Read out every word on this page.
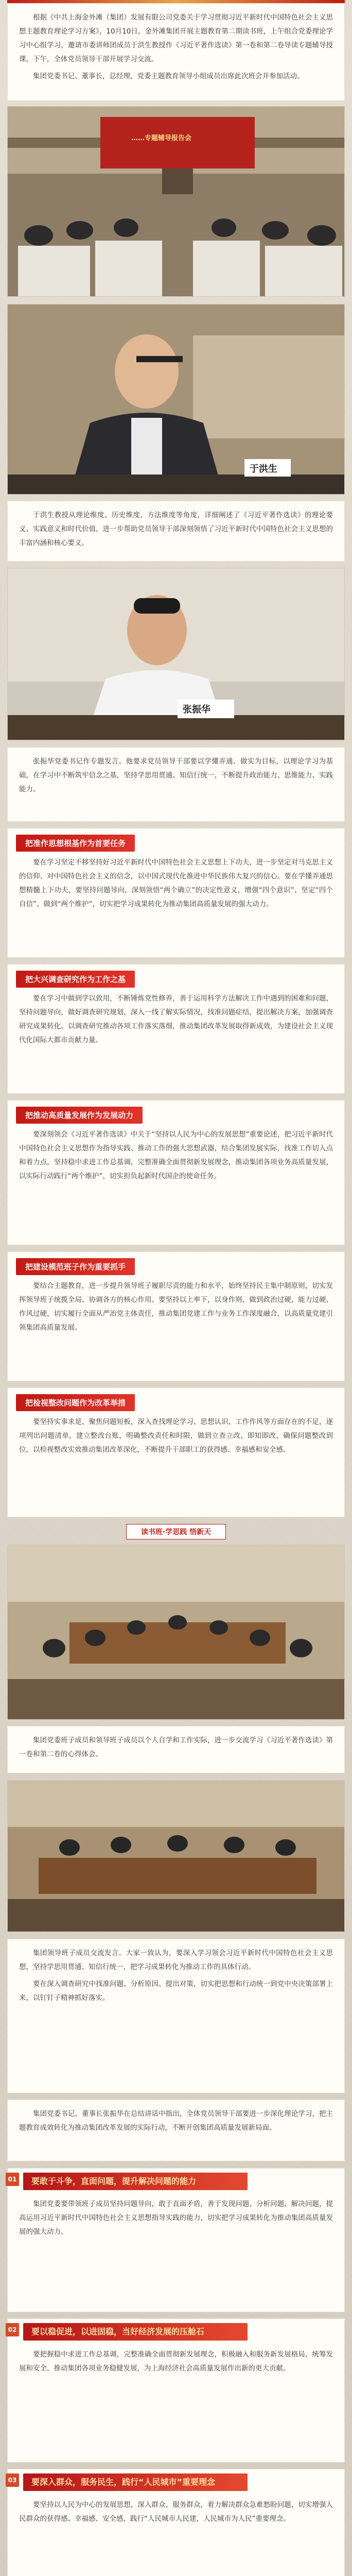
根据《中共上海金外滩（集团）发展有限公司党委关于学习贯彻习近平新时代中国特色社会主义思想主题教育理论学习方案》，10月10日，金外滩集团开展主题教育第二期读书班，上午组合党委理论学习中心组学习，邀请市委讲师团成员于洪生教授作《习近平著作选读》第一卷和第二卷导读专题辅导授课，下午，全体党员领导干部开展学习交流。

集团党委书记、董事长，总经理，党委主题教育领导小组成员出席此次班会并参加活动。

……专题辅导报告会
于洪生

于洪生教授从理论维度、历史维度、方法维度等角度，详细阐述了《习近平著作选读》的理论要义、实践意义和时代价值，进一步帮助党员领导干部深刻领悟了习近平新时代中国特色社会主义思想的丰富内涵和核心要义。

张振华

张振华党委书记作专题发言。他要求党员领导干部要以学懂弄通、做实为目标，以理论学习为基础，在学习中不断筑牢信念之基，坚持学思用贯通、知信行统一，不断提升政治能力、思维能力、实践能力。

把准作思想根基作为首要任务

要在学习坚定不移坚持好习近平新时代中国特色社会主义思想上下功夫，进一步坚定对马克思主义的信仰、对中国特色社会主义的信念，以中国式现代化推进中华民族伟大复兴的信心。要在学懂弄通思想精髓上下功夫，要坚持问题导向，深刻领悟“两个确立”的决定性意义，增强“四个意识”、坚定“四个自信”、做到“两个维护”，切实把学习成果转化为推动集团高质量发展的强大动力。

把大兴调查研究作为工作之基

要在学习中做到学以致用，不断锤炼党性修养，善于运用科学方法解决工作中遇到的困难和问题，坚持问题导向，做好调查研究规划，深入一线了解实际情况，找准问题症结，提出解决方案，加强调查研究成果转化，以调查研究推动各项工作落实落细，推动集团改革发展取得新成效，为建设社会主义现代化国际大都市贡献力量。

把推动高质量发展作为发展动力

要深刻领会《习近平著作选读》中关于“坚持以人民为中心的发展思想”重要论述，把习近平新时代中国特色社会主义思想作为指导实践、推动工作的强大思想武器，结合集团发展实际，找准工作切入点和着力点，坚持稳中求进工作总基调，完整准确全面贯彻新发展理念，推动集团各项业务高质量发展，以实际行动践行“两个维护”，切实担负起新时代国企的使命任务。

把建设模范班子作为重要抓手

要结合主题教育，进一步提升领导班子履职尽责的能力和水平，始终坚持民主集中制原则，切实发挥领导班子统揽全局、协调各方的核心作用。要坚持以上率下，以身作则，做到政治过硬、能力过硬、作风过硬，切实履行全面从严治党主体责任，推动集团党建工作与业务工作深度融合，以高质量党建引领集团高质量发展。

把检视整改问题作为改革举措

要坚持实事求是、聚焦问题短板，深入查找理论学习、思想认识、工作作风等方面存在的不足，逐项列出问题清单，建立整改台账，明确整改责任和时限，做到立查立改、即知即改，确保问题整改到位，以检视整改实效推动集团改革深化，不断提升干部职工的获得感、幸福感和安全感。

读书班·学思践 悟新天

集团党委班子成员和领导班子成员以个人自学和工作实际，进一步交流学习《习近平著作选读》第一卷和第二卷的心得体会。

集团领导班子成员交流发言。大家一致认为，要深入学习领会习近平新时代中国特色社会主义思想，坚持学思用贯通、知信行统一，把学习成果转化为推动工作的具体行动。

要在深入调查研究中找准问题、分析原因、提出对策，切实把思想和行动统一到党中央决策部署上来，以钉钉子精神抓好落实。

集团党委书记、董事长张振华在总结讲话中指出，全体党员领导干部要进一步深化理论学习，把主题教育成效转化为推动集团改革发展的实际行动，不断开创集团高质量发展新局面。

01	要敢于斗争，直面问题，提升解决问题的能力

集团党委要带领班子成员坚持问题导向，敢于直面矛盾，善于发现问题、分析问题、解决问题，提高运用习近平新时代中国特色社会主义思想指导实践的能力，切实把学习成果转化为推动集团高质量发展的强大动力。

02	要以稳促进，以进固稳，当好经济发展的压舱石

要把握稳中求进工作总基调，完整准确全面贯彻新发展理念，积极融入和服务新发展格局，统筹发展和安全，推动集团各项业务稳健发展，为上海经济社会高质量发展作出新的更大贡献。

03	要深入群众，服务民生，践行“人民城市”重要理念

要坚持以人民为中心的发展思想，深入群众、服务群众，着力解决群众急难愁盼问题，切实增强人民群众的获得感、幸福感、安全感，践行“人民城市人民建，人民城市为人民”重要理念。
